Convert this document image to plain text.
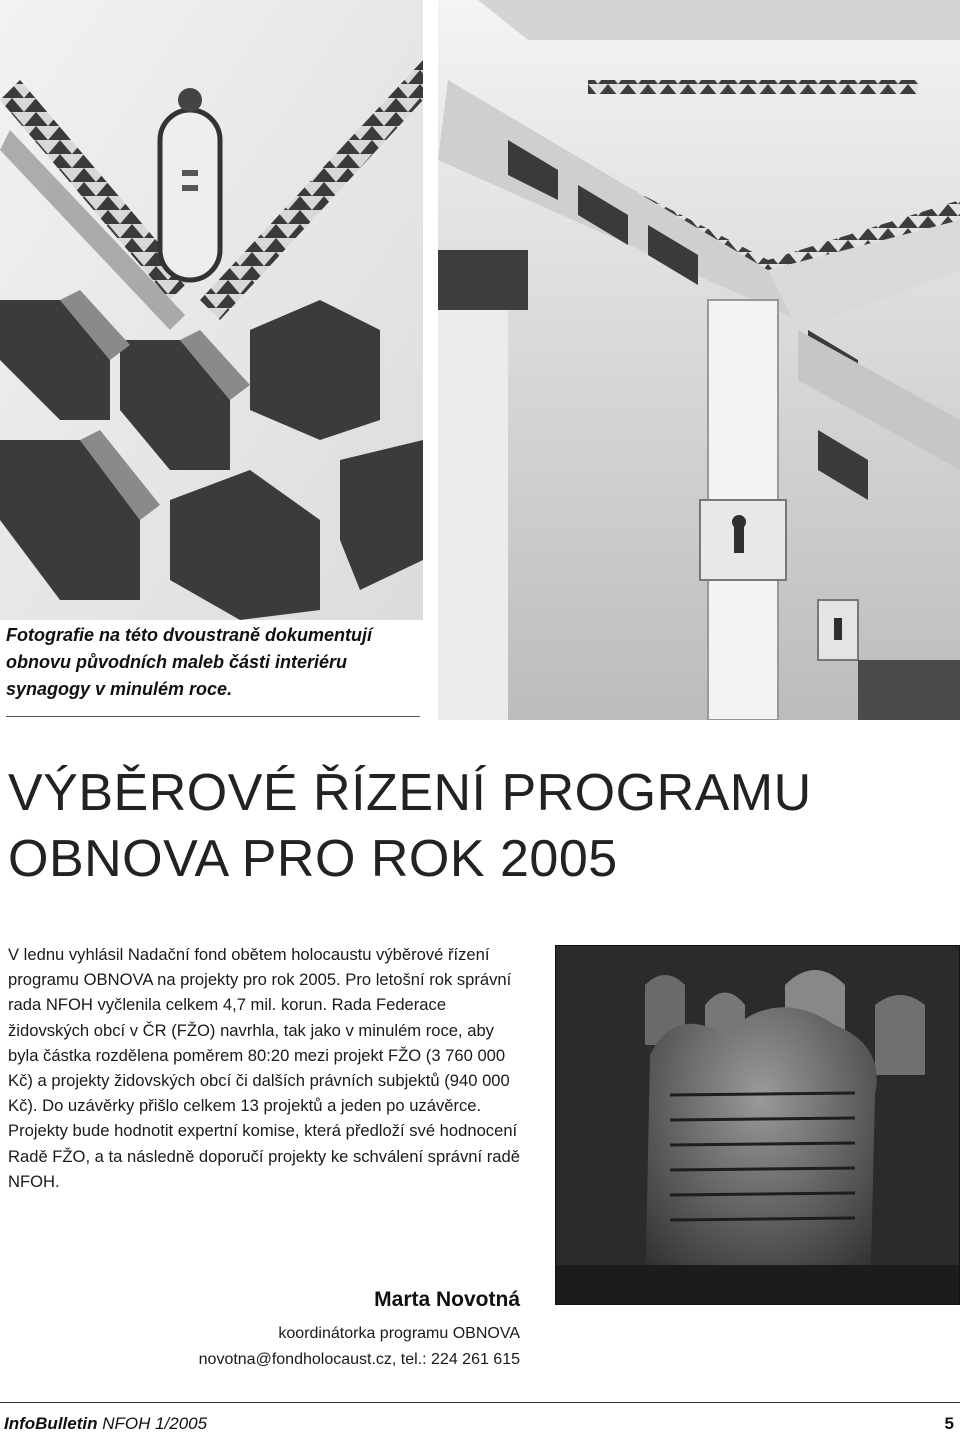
Fotografie na této dvoustraně dokumentují obnovu původních maleb části interiéru synagogy v minulém roce.
VÝBĚROVÉ ŘÍZENÍ PROGRAMU
OBNOVA PRO ROK 2005
V lednu vyhlásil Nadační fond obětem holocaustu výběrové řízení programu OBNOVA na projekty pro rok 2005. Pro letošní rok správní rada NFOH vyčlenila celkem 4,7 mil. korun. Rada Federace židovských obcí v ČR (FŽO) navrhla, tak jako v minulém roce, aby byla částka rozdělena poměrem 80:20 mezi projekt FŽO (3 760 000 Kč) a projekty židovských obcí či dalších právních subjektů (940 000 Kč). Do uzávěrky přišlo celkem 13 projektů a jeden po uzávěrce. Projekty bude hodnotit expertní komise, která předloží své hodnocení Radě FŽO, a ta následně doporučí projekty ke schválení správní radě NFOH.
Marta Novotná
koordinátorka programu OBNOVA
novotna@fondholocaust.cz, tel.: 224 261 615
InfoBulletin NFOH 1/2005	5
